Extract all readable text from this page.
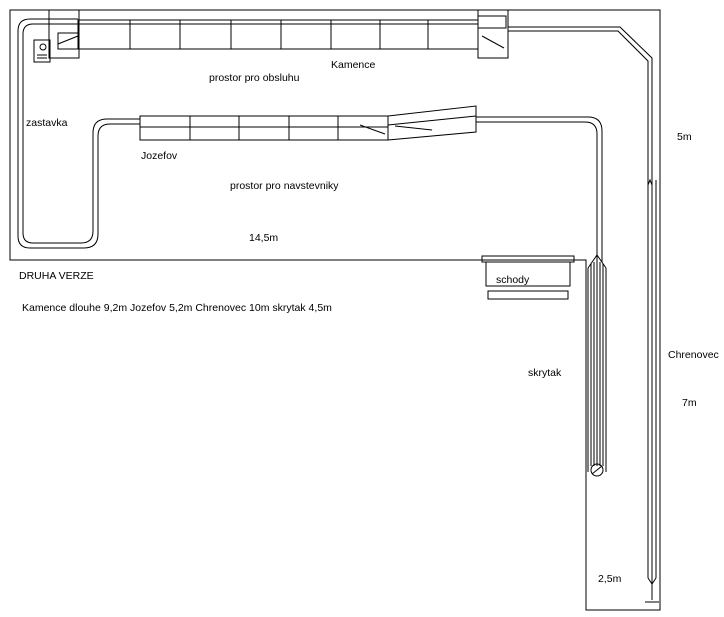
Kamence
prostor pro obsluhu
zastavka
Jozefov
prostor pro navstevniky
14,5m
DRUHA VERZE
Kamence dlouhe 9,2m Jozefov 5,2m Chrenovec 10m skrytak 4,5m
schody
skrytak
Chrenovec
5m
7m
2,5m
